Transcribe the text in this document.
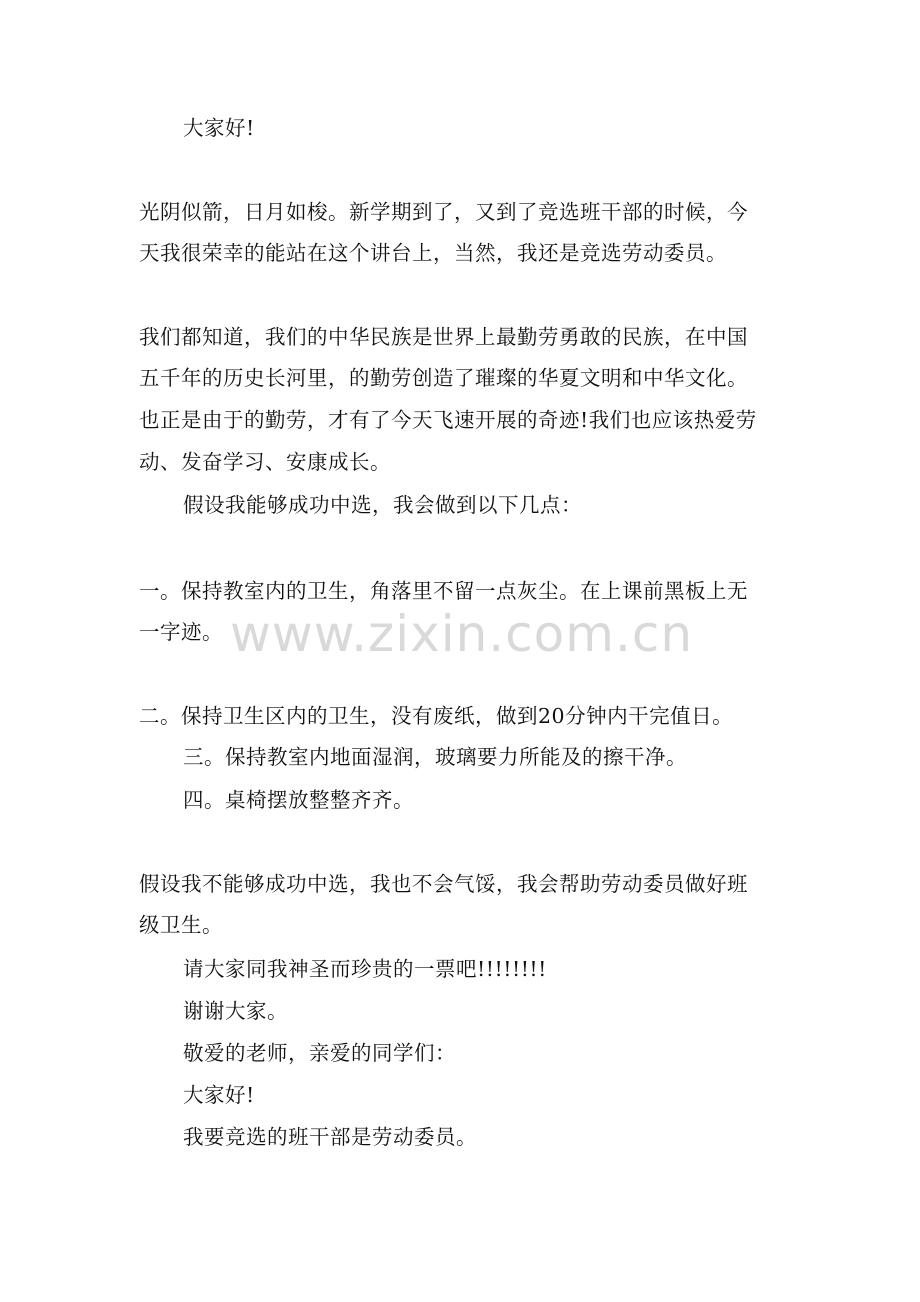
大家好!
光阴似箭，日月如梭。新学期到了，又到了竞选班干部的时候，今
天我很荣幸的能站在这个讲台上，当然，我还是竞选劳动委员。
我们都知道，我们的中华民族是世界上最勤劳勇敢的民族，在中国
五千年的历史长河里，的勤劳创造了璀璨的华夏文明和中华文化。
也正是由于的勤劳，才有了今天飞速开展的奇迹!我们也应该热爱劳
动、发奋学习、安康成长。
假设我能够成功中选，我会做到以下几点：
一。保持教室内的卫生，角落里不留一点灰尘。在上课前黑板上无
一字迹。
二。保持卫生区内的卫生，没有废纸，做到20分钟内干完值日。
三。保持教室内地面湿润，玻璃要力所能及的擦干净。
四。桌椅摆放整整齐齐。
假设我不能够成功中选，我也不会气馁，我会帮助劳动委员做好班
级卫生。
请大家同我神圣而珍贵的一票吧!!!!!!!!
谢谢大家。
敬爱的老师，亲爱的同学们：
大家好!
我要竞选的班干部是劳动委员。
www.zixin.com.cn
